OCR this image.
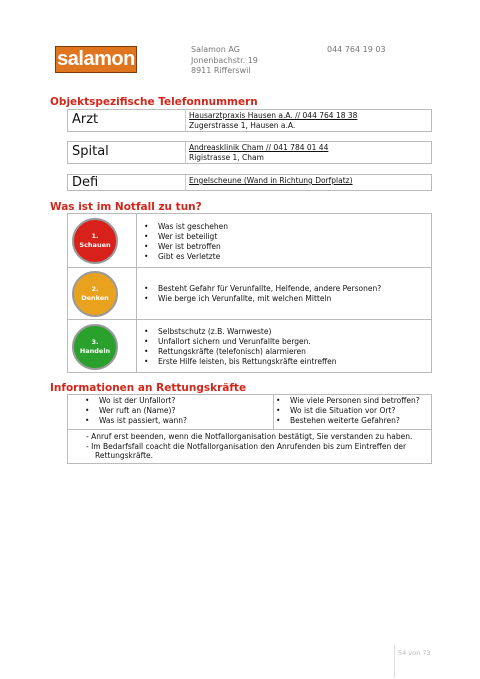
salamon	Salamon AG
Jonenbachstr. 19
8911 Rifferswil
044 764 19 03
Objektspezifische Telefonnummern
Arzt	Hausarztpraxis Hausen a.A. // 044 764 18 38
Zugerstrasse 1, Hausen a.A.
Spital	Andreasklinik Cham // 041 784 01 44
Rigistrasse 1, Cham
Defi	Engelscheune (Wand in Richtung Dorfplatz)
Was ist im Notfall zu tun?
1.
Schauen
• Was ist geschehen
• Wer ist beteiligt
• Wer ist betroffen
• Gibt es Verletzte
2.
Denken
• Besteht Gefahr für Verunfallte, Helfende, andere Personen?
• Wie berge ich Verunfallte, mit welchen Mitteln
3.
Handeln
• Selbstschutz (z.B. Warnweste)
• Unfallort sichern und Verunfallte bergen.
• Rettungskräfte (telefonisch) alarmieren
• Erste Hilfe leisten, bis Rettungskräfte eintreffen
Informationen an Rettungskräfte
• Wo ist der Unfallort?
• Wer ruft an (Name)?
• Was ist passiert, wann?
• Wie viele Personen sind betroffen?
• Wo ist die Situation vor Ort?
• Bestehen weiterte Gefahren?
- Anruf erst beenden, wenn die Notfallorganisation bestätigt, Sie verstanden zu haben.
- Im Bedarfsfall coacht die Notfallorganisation den Anrufenden bis zum Eintreffen der Rettungskräfte.
54 von 73
